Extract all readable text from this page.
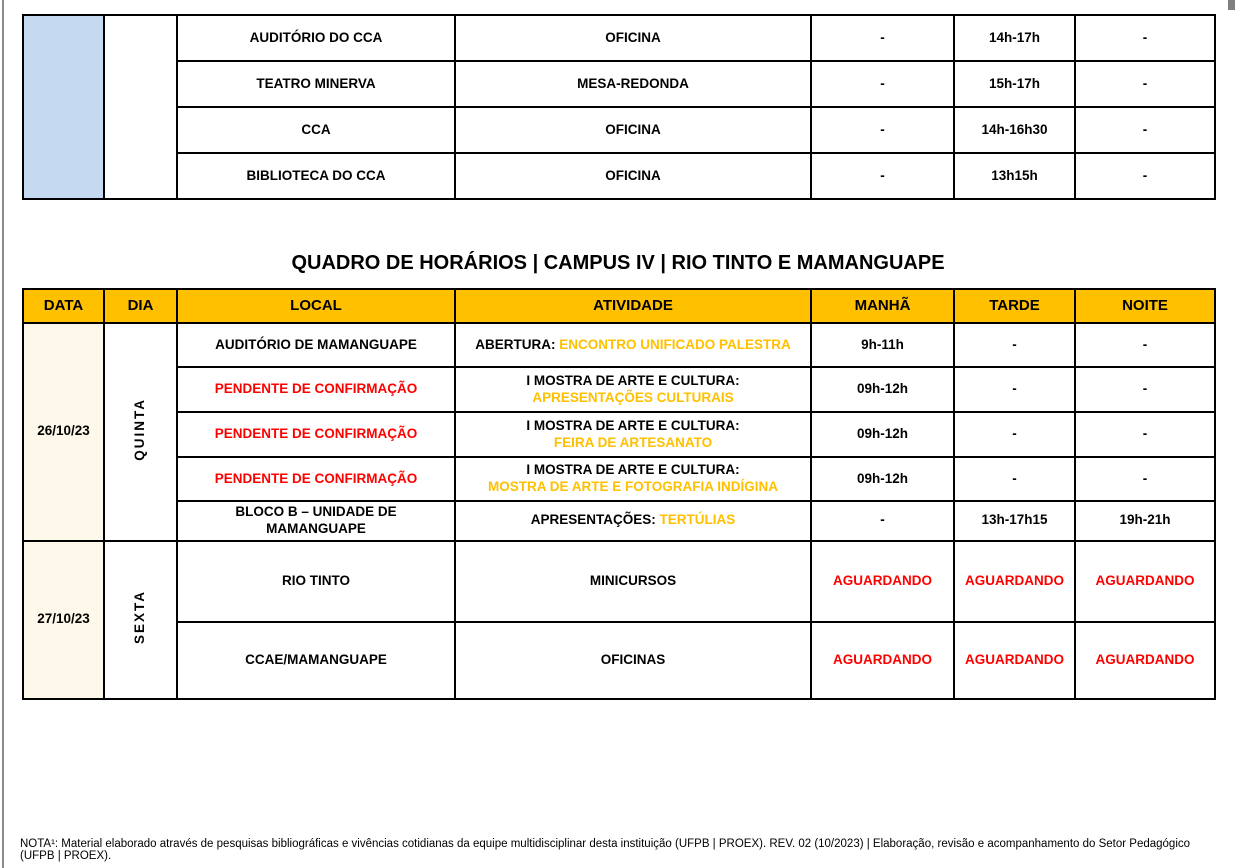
		AUDITÓRIO DO CCA	OFICINA	-	14h-17h	-
		TEATRO MINERVA	MESA-REDONDA	-	15h-17h	-
		CCA	OFICINA	-	14h-16h30	-
		BIBLIOTECA DO CCA	OFICINA	-	13h15h	-
QUADRO DE HORÁRIOS | CAMPUS IV | RIO TINTO E MAMANGUAPE
DATA	DIA	LOCAL	ATIVIDADE	MANHÃ	TARDE	NOITE
26/10/23	QUINTA	AUDITÓRIO DE MAMANGUAPE	ABERTURA: ENCONTRO UNIFICADO PALESTRA	9h-11h	-	-
		PENDENTE DE CONFIRMAÇÃO	I MOSTRA DE ARTE E CULTURA:
APRESENTAÇÕES CULTURAIS	09h-12h	-	-
		PENDENTE DE CONFIRMAÇÃO	I MOSTRA DE ARTE E CULTURA:
FEIRA DE ARTESANATO	09h-12h	-	-
		PENDENTE DE CONFIRMAÇÃO	I MOSTRA DE ARTE E CULTURA:
MOSTRA DE ARTE E FOTOGRAFIA INDÍGINA	09h-12h	-	-
		BLOCO B – UNIDADE DE MAMANGUAPE	APRESENTAÇÕES: TERTÚLIAS	-	13h-17h15	19h-21h
27/10/23	SEXTA	RIO TINTO	MINICURSOS	AGUARDANDO	AGUARDANDO	AGUARDANDO
		CCAE/MAMANGUAPE	OFICINAS	AGUARDANDO	AGUARDANDO	AGUARDANDO
NOTA¹: Material elaborado através de pesquisas bibliográficas e vivências cotidianas da equipe multidisciplinar desta instituição (UFPB | PROEX). REV. 02 (10/2023) | Elaboração, revisão e acompanhamento do Setor Pedagógico (UFPB | PROEX).
